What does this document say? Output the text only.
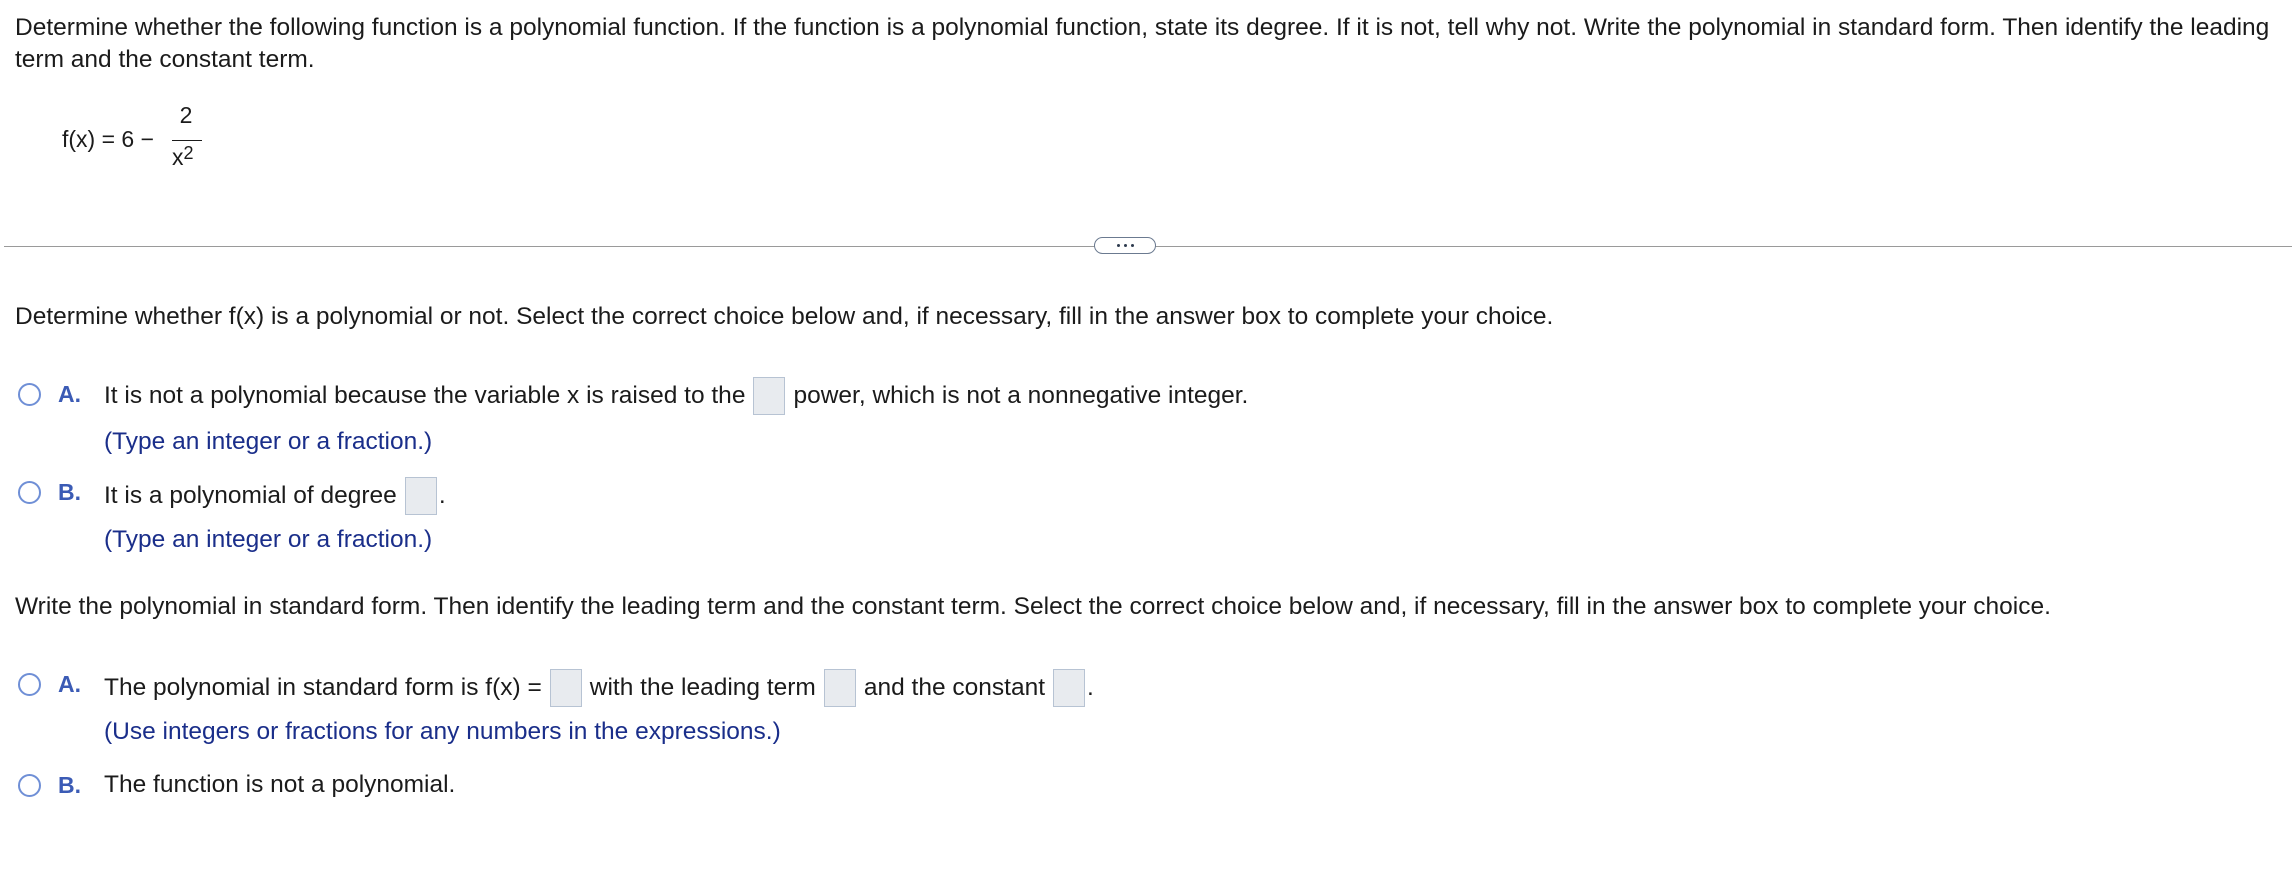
Determine whether the following function is a polynomial function. If the function is a polynomial function, state its degree. If it is not, tell why not. Write the polynomial in standard form. Then identify the leading term and the constant term.
f(x) = 6 −
2
$x^2$
Determine whether f(x) is a polynomial or not. Select the correct choice below and, if necessary, fill in the answer box to complete your choice.
A. It is not a polynomial because the variable x is raised to the power, which is not a nonnegative integer.
(Type an integer or a fraction.)
B. It is a polynomial of degree .
(Type an integer or a fraction.)
Write the polynomial in standard form. Then identify the leading term and the constant term. Select the correct choice below and, if necessary, fill in the answer box to complete your choice.
A. The polynomial in standard form is f(x) = with the leading term and the constant .
(Use integers or fractions for any numbers in the expressions.)
B. The function is not a polynomial.
